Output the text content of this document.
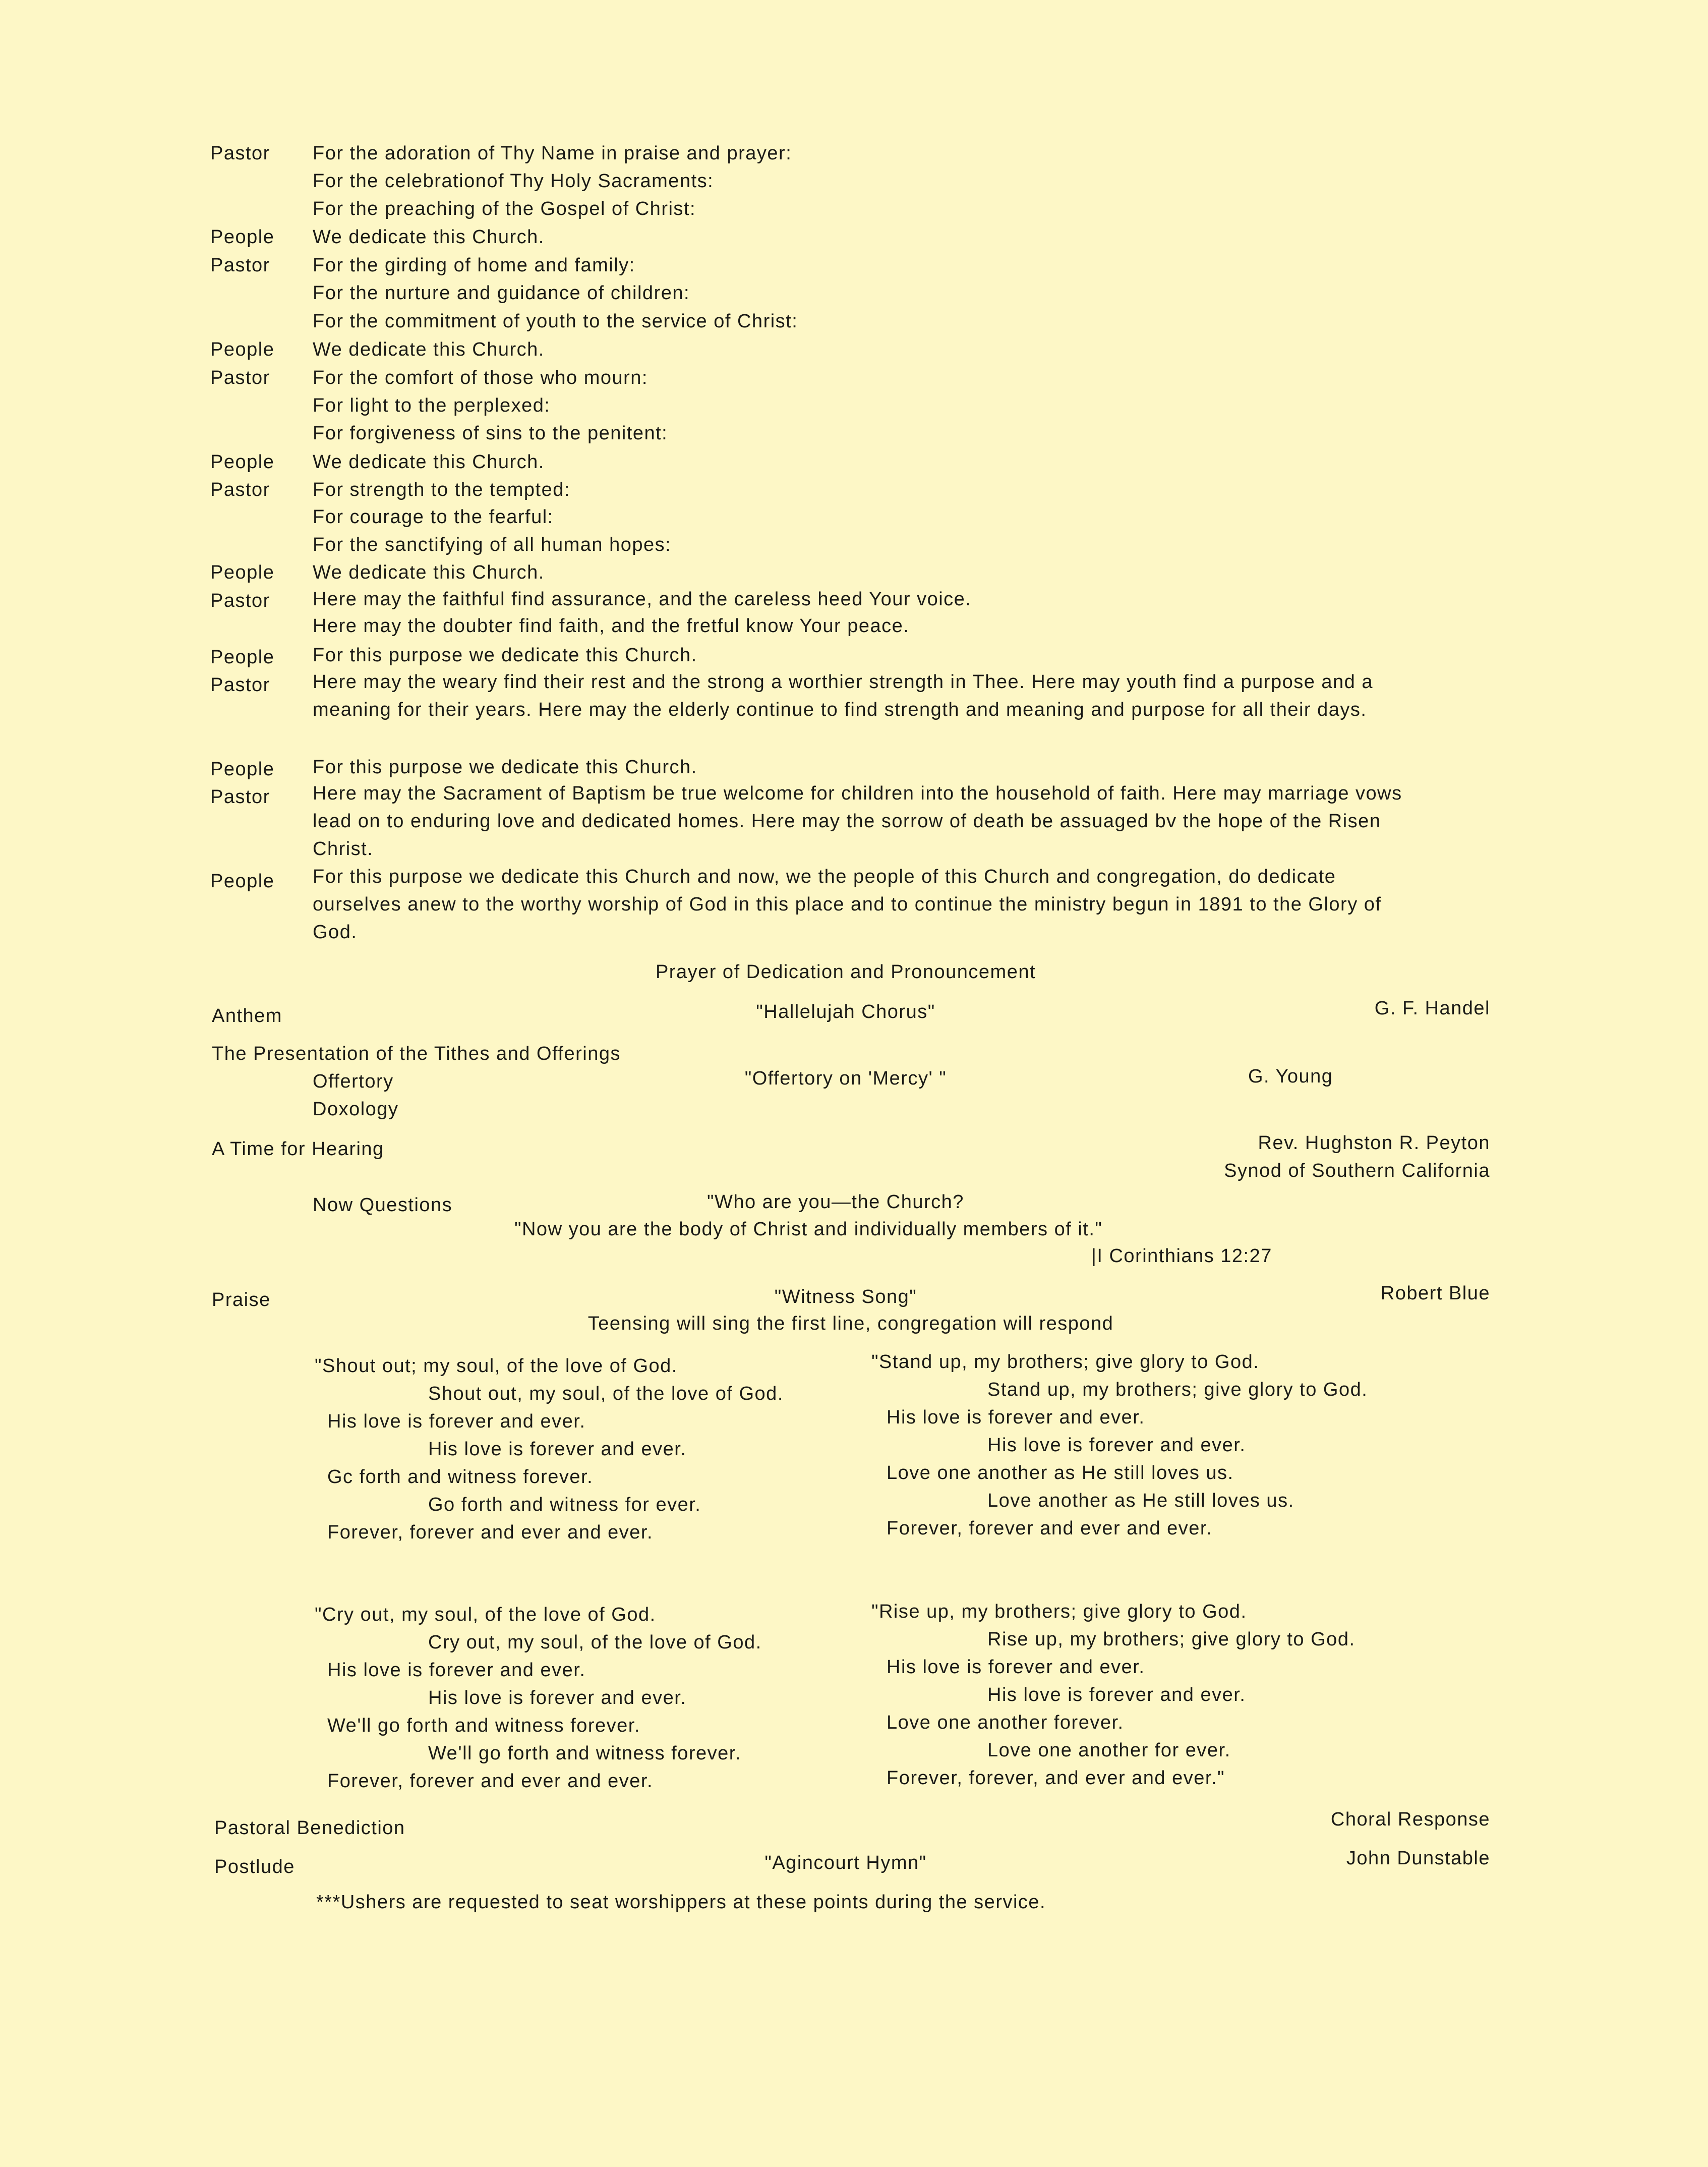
Pastor	For the adoration of Thy Name in praise and prayer:
For the celebrationof Thy Holy Sacraments:
For the preaching of the Gospel of Christ:
People	We dedicate this Church.
Pastor	For the girding of home and family:
For the nurture and guidance of children:
For the commitment of youth to the service of Christ:
People	We dedicate this Church.
Pastor	For the comfort of those who mourn:
For light to the perplexed:
For forgiveness of sins to the penitent:
People	We dedicate this Church.
Pastor	For strength to the tempted:
For courage to the fearful:
For the sanctifying of all human hopes:
People	We dedicate this Church.
Pastor	Here may the faithful find assurance, and the careless heed Your voice.
Here may the doubter find faith, and the fretful know Your peace.
People	For this purpose we dedicate this Church.
Pastor	Here may the weary find their rest and the strong a worthier strength in Thee. Here may youth find a purpose and a meaning for their years. Here may the elderly continue to find strength and meaning and purpose for all their days.
People	For this purpose we dedicate this Church.
Pastor	Here may the Sacrament of Baptism be true welcome for children into the household of faith. Here may marriage vows lead on to enduring love and dedicated homes. Here may the sorrow of death be assuaged bv the hope of the Risen Christ.
People	For this purpose we dedicate this Church and now, we the people of this Church and congregation, do dedicate ourselves anew to the worthy worship of God in this place and to continue the ministry begun in 1891 to the Glory of God.
Prayer of Dedication and Pronouncement
Anthem	"Hallelujah Chorus"	G. F. Handel
The Presentation of the Tithes and Offerings
Offertory	"Offertory on 'Mercy' "	G. Young
Doxology
A Time for Hearing	Rev. Hughston R. Peyton
Synod of Southern California
Now Questions	"Who are you—the Church?
"Now you are the body of Christ and individually members of it."
|I Corinthians 12:27
Praise	"Witness Song"	Robert Blue
Teensing will sing the first line, congregation will respond
"Shout out; my soul, of the love of God.
Shout out, my soul, of the love of God.
His love is forever and ever.
His love is forever and ever.
Gc forth and witness forever.
Go forth and witness for ever.
Forever, forever and ever and ever.
"Stand up, my brothers; give glory to God.
Stand up, my brothers; give glory to God.
His love is forever and ever.
His love is forever and ever.
Love one another as He still loves us.
Love another as He still loves us.
Forever, forever and ever and ever.
"Cry out, my soul, of the love of God.
Cry out, my soul, of the love of God.
His love is forever and ever.
His love is forever and ever.
We'll go forth and witness forever.
We'll go forth and witness forever.
Forever, forever and ever and ever.
"Rise up, my brothers; give glory to God.
Rise up, my brothers; give glory to God.
His love is forever and ever.
His love is forever and ever.
Love one another forever.
Love one another for ever.
Forever, forever, and ever and ever."
Pastoral Benediction	Choral Response
Postlude	"Agincourt Hymn"	John Dunstable
***Ushers are requested to seat worshippers at these points during the service.
